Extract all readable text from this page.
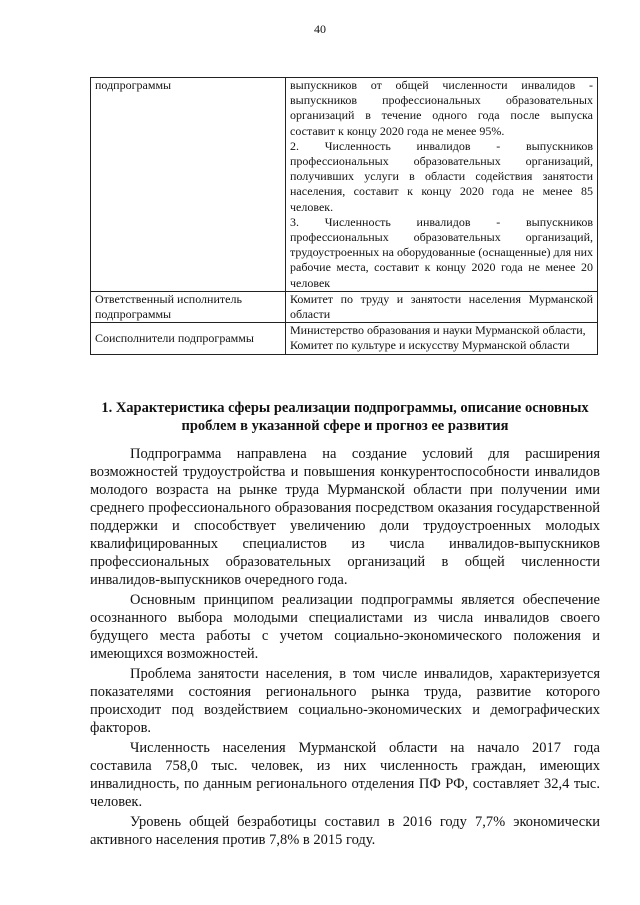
40
подпрограммы	выпускников от общей численности инвалидов - выпускников профессиональных образовательных организаций в течение одного года после выпуска составит к концу 2020 года не менее 95%.
2. Численность инвалидов - выпускников профессиональных образовательных организаций, получивших услуги в области содействия занятости населения, составит к концу 2020 года не менее 85 человек.
3. Численность инвалидов - выпускников профессиональных образовательных организаций, трудоустроенных на оборудованные (оснащенные) для них рабочие места, составит к концу 2020 года не менее 20 человек

Ответственный исполнитель подпрограммы	Комитет по труду и занятости населения Мурманской области

Соисполнители подпрограммы	Министерство образования и науки Мурманской области,
Комитет по культуре и искусству Мурманской области
1. Характеристика сферы реализации подпрограммы, описание основных проблем в указанной сфере и прогноз ее развития

Подпрограмма направлена на создание условий для расширения возможностей трудоустройства и повышения конкурентоспособности инвалидов молодого возраста на рынке труда Мурманской области при получении ими среднего профессионального образования посредством оказания государственной поддержки и способствует увеличению доли трудоустроенных молодых квалифицированных специалистов из числа инвалидов-выпускников профессиональных образовательных организаций в общей численности инвалидов-выпускников очередного года.

Основным принципом реализации подпрограммы является обеспечение осознанного выбора молодыми специалистами из числа инвалидов своего будущего места работы с учетом социально-экономического положения и имеющихся возможностей.

Проблема занятости населения, в том числе инвалидов, характеризуется показателями состояния регионального рынка труда, развитие которого происходит под воздействием социально-экономических и демографических факторов.

Численность населения Мурманской области на начало 2017 года составила 758,0 тыс. человек, из них численность граждан, имеющих инвалидность, по данным регионального отделения ПФ РФ, составляет 32,4 тыс. человек.

Уровень общей безработицы составил в 2016 году 7,7% экономически активного населения против 7,8% в 2015 году.
